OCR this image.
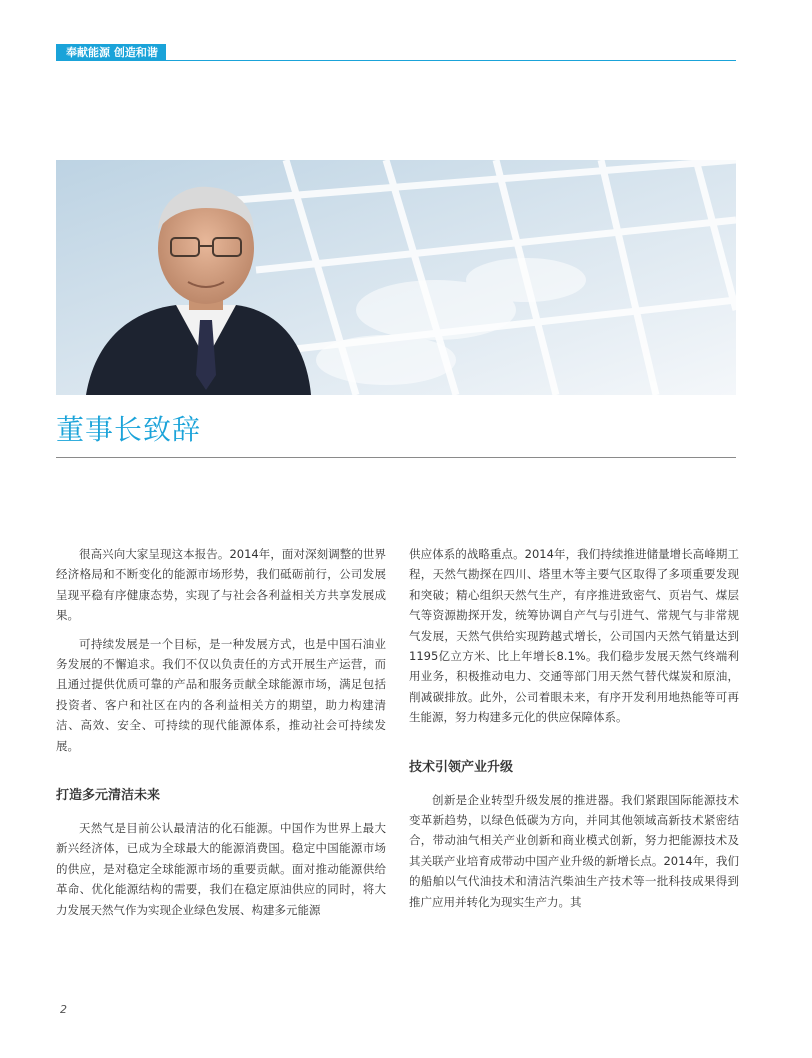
奉献能源 创造和谐
董事长致辞

很高兴向大家呈现这本报告。2014年，面对深刻调整的世界经济格局和不断变化的能源市场形势，我们砥砺前行，公司发展呈现平稳有序健康态势，实现了与社会各利益相关方共享发展成果。

可持续发展是一个目标，是一种发展方式，也是中国石油业务发展的不懈追求。我们不仅以负责任的方式开展生产运营，而且通过提供优质可靠的产品和服务贡献全球能源市场，满足包括投资者、客户和社区在内的各利益相关方的期望，助力构建清洁、高效、安全、可持续的现代能源体系，推动社会可持续发展。

打造多元清洁未来

天然气是目前公认最清洁的化石能源。中国作为世界上最大新兴经济体，已成为全球最大的能源消费国。稳定中国能源市场的供应，是对稳定全球能源市场的重要贡献。面对推动能源供给革命、优化能源结构的需要，我们在稳定原油供应的同时，将大力发展天然气作为实现企业绿色发展、构建多元能源

供应体系的战略重点。2014年，我们持续推进储量增长高峰期工程，天然气勘探在四川、塔里木等主要气区取得了多项重要发现和突破；精心组织天然气生产，有序推进致密气、页岩气、煤层气等资源勘探开发，统筹协调自产气与引进气、常规气与非常规气发展，天然气供给实现跨越式增长，公司国内天然气销量达到1195亿立方米、比上年增长8.1%。我们稳步发展天然气终端利用业务，积极推动电力、交通等部门用天然气替代煤炭和原油，削减碳排放。此外，公司着眼未来，有序开发利用地热能等可再生能源，努力构建多元化的供应保障体系。

技术引领产业升级

创新是企业转型升级发展的推进器。我们紧跟国际能源技术变革新趋势，以绿色低碳为方向，并同其他领域高新技术紧密结合，带动油气相关产业创新和商业模式创新，努力把能源技术及其关联产业培育成带动中国产业升级的新增长点。2014年，我们的船舶以气代油技术和清洁汽柴油生产技术等一批科技成果得到推广应用并转化为现实生产力。其

2
